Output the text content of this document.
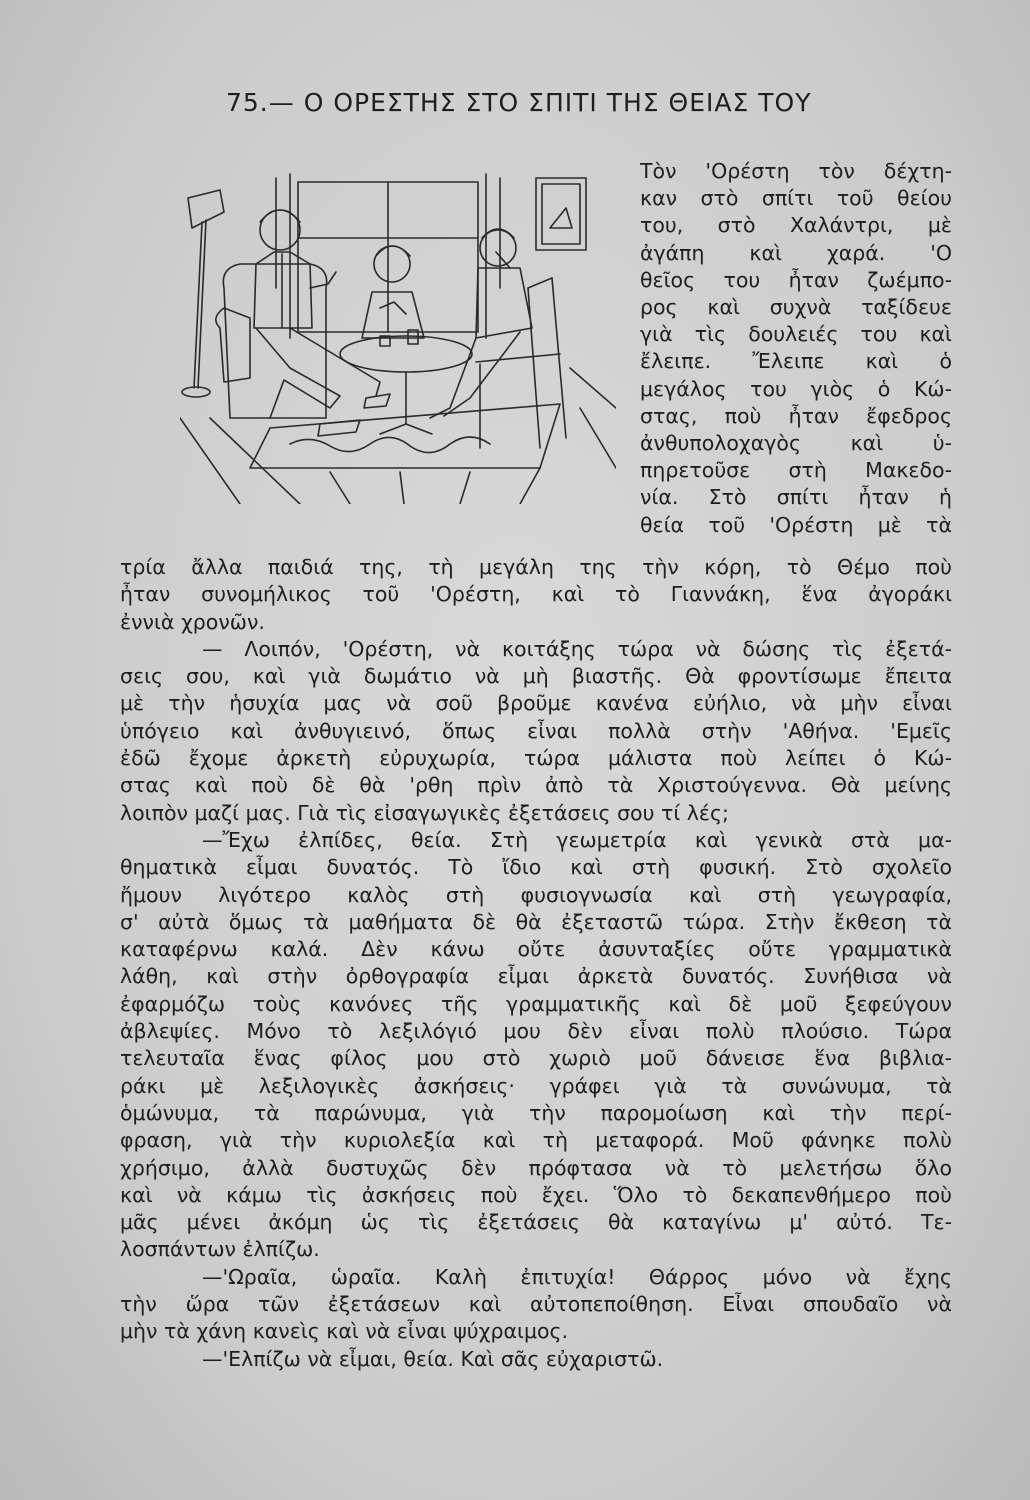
75.— Ο ΟΡΕΣΤΗΣ ΣΤΟ ΣΠΙΤΙ ΤΗΣ ΘΕΙΑΣ ΤΟΥ
Τὸν 'Ορέστη τὸν δέχτη-
καν στὸ σπίτι τοῦ θείου
του, στὸ Χαλάντρι, μὲ
ἀγάπη καὶ χαρά. 'Ο
θεῖος του ἦταν ζωέμπο-
ρος καὶ συχνὰ ταξίδευε
γιὰ τὶς δουλειές του καὶ
ἔλειπε. Ἔλειπε καὶ ὁ
μεγάλος του γιὸς ὁ Κώ-
στας, ποὺ ἦταν ἔφεδρος
ἀνθυπολοχαγὸς καὶ ὑ-
πηρετοῦσε στὴ Μακεδο-
νία. Στὸ σπίτι ἦταν ἡ
θεία τοῦ 'Ορέστη μὲ τὰ
τρία ἄλλα παιδιά της, τὴ μεγάλη της τὴν κόρη, τὸ Θέμο ποὺ
ἦταν συνομήλικος τοῦ 'Ορέστη, καὶ τὸ Γιαννάκη, ἕνα ἀγοράκι
ἐννιὰ χρονῶν.
— Λοιπόν, 'Ορέστη, νὰ κοιτάξης τώρα νὰ δώσης τὶς ἐξετά-
σεις σου, καὶ γιὰ δωμάτιο νὰ μὴ βιαστῆς. Θὰ φροντίσωμε ἔπειτα
μὲ τὴν ἡσυχία μας νὰ σοῦ βροῦμε κανένα εὐήλιο, νὰ μὴν εἶναι
ὑπόγειο καὶ ἀνθυγιεινό, ὅπως εἶναι πολλὰ στὴν 'Αθήνα. 'Εμεῖς
ἐδῶ ἔχομε ἀρκετὴ εὐρυχωρία, τώρα μάλιστα ποὺ λείπει ὁ Κώ-
στας καὶ ποὺ δὲ θὰ 'ρθη πρὶν ἀπὸ τὰ Χριστούγεννα. Θὰ μείνης
λοιπὸν μαζί μας. Γιὰ τὶς εἰσαγωγικὲς ἐξετάσεις σου τί λές;
—Ἔχω ἐλπίδες, θεία. Στὴ γεωμετρία καὶ γενικὰ στὰ μα-
θηματικὰ εἶμαι δυνατός. Τὸ ἴδιο καὶ στὴ φυσική. Στὸ σχολεῖο
ἤμουν λιγότερο καλὸς στὴ φυσιογνωσία καὶ στὴ γεωγραφία,
σ' αὐτὰ ὅμως τὰ μαθήματα δὲ θὰ ἐξεταστῶ τώρα. Στὴν ἔκθεση τὰ
καταφέρνω καλά. Δὲν κάνω οὔτε ἀσυνταξίες οὔτε γραμματικὰ
λάθη, καὶ στὴν ὀρθογραφία εἶμαι ἀρκετὰ δυνατός. Συνήθισα νὰ
ἐφαρμόζω τοὺς κανόνες τῆς γραμματικῆς καὶ δὲ μοῦ ξεφεύγουν
ἀβλεψίες. Μόνο τὸ λεξιλόγιό μου δὲν εἶναι πολὺ πλούσιο. Τώρα
τελευταῖα ἕνας φίλος μου στὸ χωριὸ μοῦ δάνεισε ἕνα βιβλια-
ράκι μὲ λεξιλογικὲς ἀσκήσεις· γράφει γιὰ τὰ συνώνυμα, τὰ
ὁμώνυμα, τὰ παρώνυμα, γιὰ τὴν παρομοίωση καὶ τὴν περί-
φραση, γιὰ τὴν κυριολεξία καὶ τὴ μεταφορά. Μοῦ φάνηκε πολὺ
χρήσιμο, ἀλλὰ δυστυχῶς δὲν πρόφτασα νὰ τὸ μελετήσω ὅλο
καὶ νὰ κάμω τὶς ἀσκήσεις ποὺ ἔχει. Ὅλο τὸ δεκαπενθήμερο ποὺ
μᾶς μένει ἀκόμη ὡς τὶς ἐξετάσεις θὰ καταγίνω μ' αὐτό. Τε-
λοσπάντων ἐλπίζω.
—'Ωραῖα, ὡραῖα. Καλὴ ἐπιτυχία! Θάρρος μόνο νὰ ἔχης
τὴν ὥρα τῶν ἐξετάσεων καὶ αὐτοπεποίθηση. Εἶναι σπουδαῖο νὰ
μὴν τὰ χάνη κανεὶς καὶ νὰ εἶναι ψύχραιμος.
—'Ελπίζω νὰ εἶμαι, θεία. Καὶ σᾶς εὐχαριστῶ.
